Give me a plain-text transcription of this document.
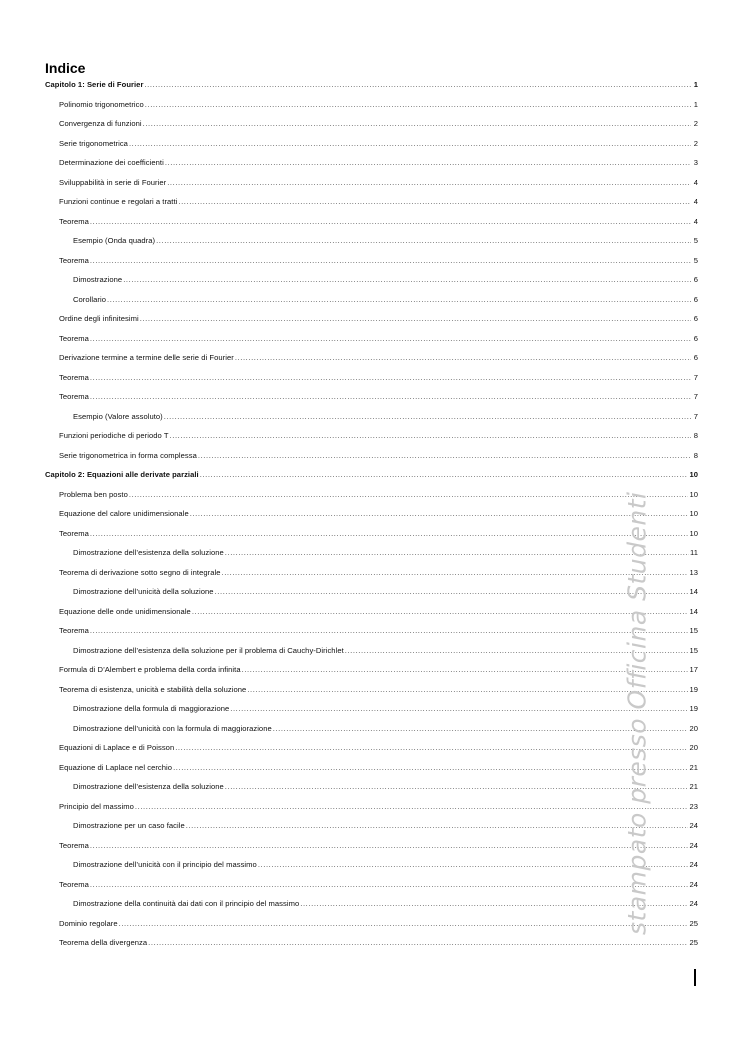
Indice
Capitolo 1: Serie di Fourier .....	1
Polinomio trigonometrico .....	1
Convergenza di funzioni .....	2
Serie trigonometrica .....	2
Determinazione dei coefficienti .....	3
Sviluppabilità in serie di Fourier .....	4
Funzioni continue e regolari a tratti .....	4
Teorema .....	4
Esempio (Onda quadra) .....	5
Teorema .....	5
Dimostrazione .....	6
Corollario .....	6
Ordine degli infinitesimi .....	6
Teorema .....	6
Derivazione termine a termine delle serie di Fourier .....	6
Teorema .....	7
Teorema .....	7
Esempio (Valore assoluto) .....	7
Funzioni periodiche di periodo T .....	8
Serie trigonometrica in forma complessa .....	8
Capitolo 2: Equazioni alle derivate parziali .....	10
Problema ben posto .....	10
Equazione del calore unidimensionale .....	10
Teorema .....	10
Dimostrazione dell’esistenza della soluzione .....	11
Teorema di derivazione sotto segno di integrale .....	13
Dimostrazione dell’unicità della soluzione .....	14
Equazione delle onde unidimensionale .....	14
Teorema .....	15
Dimostrazione dell’esistenza della soluzione per il problema di Cauchy-Dirichlet .....	15
Formula di D’Alembert e problema della corda infinita .....	17
Teorema di esistenza, unicità e stabilità della soluzione .....	19
Dimostrazione della formula di maggiorazione .....	19
Dimostrazione dell’unicità con la formula di maggiorazione .....	20
Equazioni di Laplace e di Poisson .....	20
Equazione di Laplace nel cerchio .....	21
Dimostrazione dell’esistenza della soluzione .....	21
Principio del massimo .....	23
Dimostrazione per un caso facile .....	24
Teorema .....	24
Dimostrazione dell’unicità con il principio del massimo .....	24
Teorema .....	24
Dimostrazione della continuità dai dati con il principio del massimo .....	24
Dominio regolare .....	25
Teorema della divergenza .....	25
stampato presso Officina Studenti
